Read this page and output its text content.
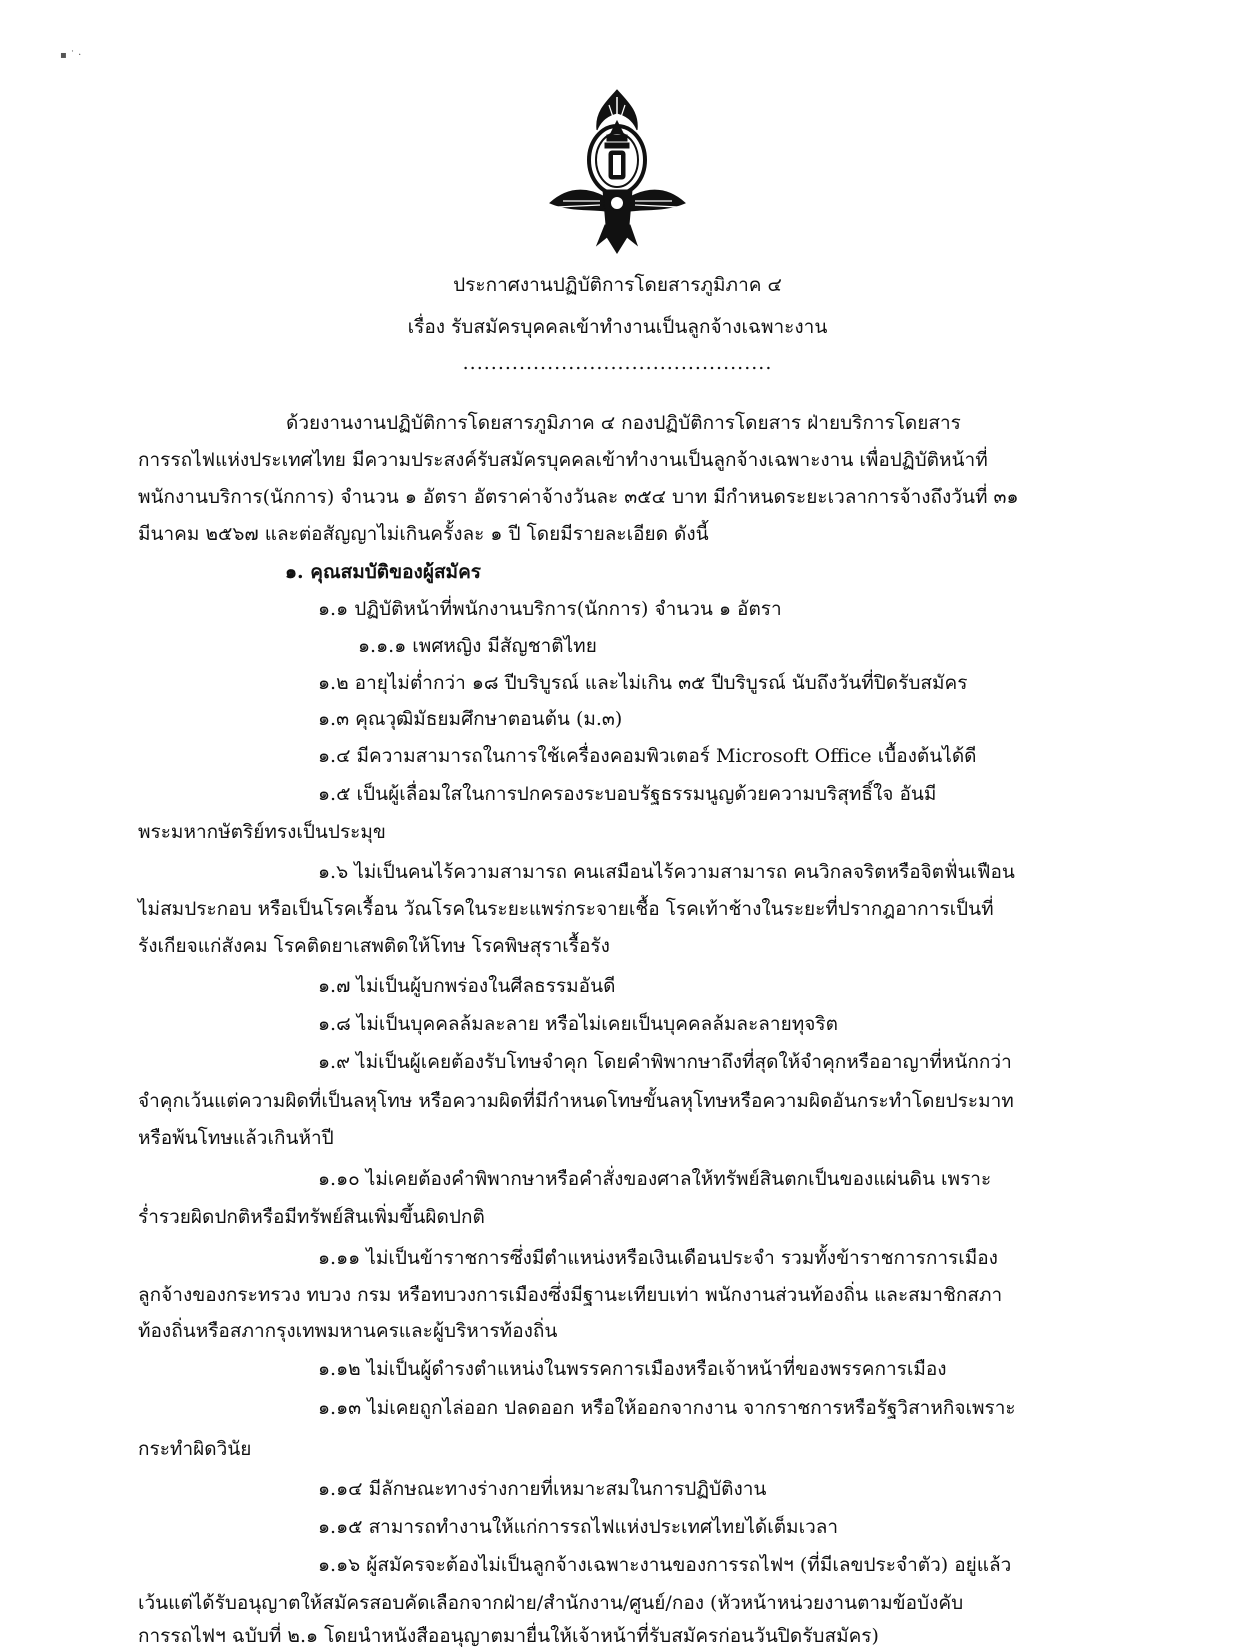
▪ ˙ ·
ประกาศงานปฏิบัติการโดยสารภูมิภาค ๔
เรื่อง รับสมัครบุคคลเข้าทำงานเป็นลูกจ้างเฉพาะงาน
............................................
ด้วยงานงานปฏิบัติการโดยสารภูมิภาค ๔ กองปฏิบัติการโดยสาร ฝ่ายบริการโดยสาร
การรถไฟแห่งประเทศไทย มีความประสงค์รับสมัครบุคคลเข้าทำงานเป็นลูกจ้างเฉพาะงาน เพื่อปฏิบัติหน้าที่
พนักงานบริการ(นักการ) จำนวน ๑ อัตรา อัตราค่าจ้างวันละ ๓๕๔ บาท มีกำหนดระยะเวลาการจ้างถึงวันที่ ๓๑
มีนาคม ๒๕๖๗ และต่อสัญญาไม่เกินครั้งละ ๑ ปี โดยมีรายละเอียด ดังนี้
๑. คุณสมบัติของผู้สมัคร
๑.๑ ปฏิบัติหน้าที่พนักงานบริการ(นักการ) จำนวน ๑ อัตรา
๑.๑.๑ เพศหญิง มีสัญชาติไทย
๑.๒ อายุไม่ต่ำกว่า ๑๘ ปีบริบูรณ์ และไม่เกิน ๓๕ ปีบริบูรณ์ นับถึงวันที่ปิดรับสมัคร
๑.๓ คุณวุฒิมัธยมศึกษาตอนต้น (ม.๓)
๑.๔ มีความสามารถในการใช้เครื่องคอมพิวเตอร์ Microsoft Office เบื้องต้นได้ดี
๑.๕ เป็นผู้เลื่อมใสในการปกครองระบอบรัฐธรรมนูญด้วยความบริสุทธิ์ใจ อันมี
พระมหากษัตริย์ทรงเป็นประมุข
๑.๖ ไม่เป็นคนไร้ความสามารถ คนเสมือนไร้ความสามารถ คนวิกลจริตหรือจิตฟั่นเฟือน
ไม่สมประกอบ หรือเป็นโรคเรื้อน วัณโรคในระยะแพร่กระจายเชื้อ โรคเท้าช้างในระยะที่ปรากฎอาการเป็นที่
รังเกียจแก่สังคม โรคติดยาเสพติดให้โทษ โรคพิษสุราเรื้อรัง
๑.๗ ไม่เป็นผู้บกพร่องในศีลธรรมอันดี
๑.๘ ไม่เป็นบุคคลล้มละลาย หรือไม่เคยเป็นบุคคลล้มละลายทุจริต
๑.๙ ไม่เป็นผู้เคยต้องรับโทษจำคุก โดยคำพิพากษาถึงที่สุดให้จำคุกหรืออาญาที่หนักกว่า
จำคุกเว้นแต่ความผิดที่เป็นลหุโทษ หรือความผิดที่มีกำหนดโทษขั้นลหุโทษหรือความผิดอันกระทำโดยประมาท
หรือพ้นโทษแล้วเกินห้าปี
๑.๑๐ ไม่เคยต้องคำพิพากษาหรือคำสั่งของศาลให้ทรัพย์สินตกเป็นของแผ่นดิน เพราะ
ร่ำรวยผิดปกติหรือมีทรัพย์สินเพิ่มขึ้นผิดปกติ
๑.๑๑ ไม่เป็นข้าราชการซึ่งมีตำแหน่งหรือเงินเดือนประจำ รวมทั้งข้าราชการการเมือง
ลูกจ้างของกระทรวง ทบวง กรม หรือทบวงการเมืองซึ่งมีฐานะเทียบเท่า พนักงานส่วนท้องถิ่น และสมาชิกสภา
ท้องถิ่นหรือสภากรุงเทพมหานครและผู้บริหารท้องถิ่น
๑.๑๒ ไม่เป็นผู้ดำรงตำแหน่งในพรรคการเมืองหรือเจ้าหน้าที่ของพรรคการเมือง
๑.๑๓ ไม่เคยถูกไล่ออก ปลดออก หรือให้ออกจากงาน จากราชการหรือรัฐวิสาหกิจเพราะ
กระทำผิดวินัย
๑.๑๔ มีลักษณะทางร่างกายที่เหมาะสมในการปฏิบัติงาน
๑.๑๕ สามารถทำงานให้แก่การรถไฟแห่งประเทศไทยได้เต็มเวลา
๑.๑๖ ผู้สมัครจะต้องไม่เป็นลูกจ้างเฉพาะงานของการรถไฟฯ (ที่มีเลขประจำตัว) อยู่แล้ว
เว้นแต่ได้รับอนุญาตให้สมัครสอบคัดเลือกจากฝ่าย/สำนักงาน/ศูนย์/กอง (หัวหน้าหน่วยงานตามข้อบังคับ
การรถไฟฯ ฉบับที่ ๒.๑ โดยนำหนังสืออนุญาตมายื่นให้เจ้าหน้าที่รับสมัครก่อนวันปิดรับสมัคร)
